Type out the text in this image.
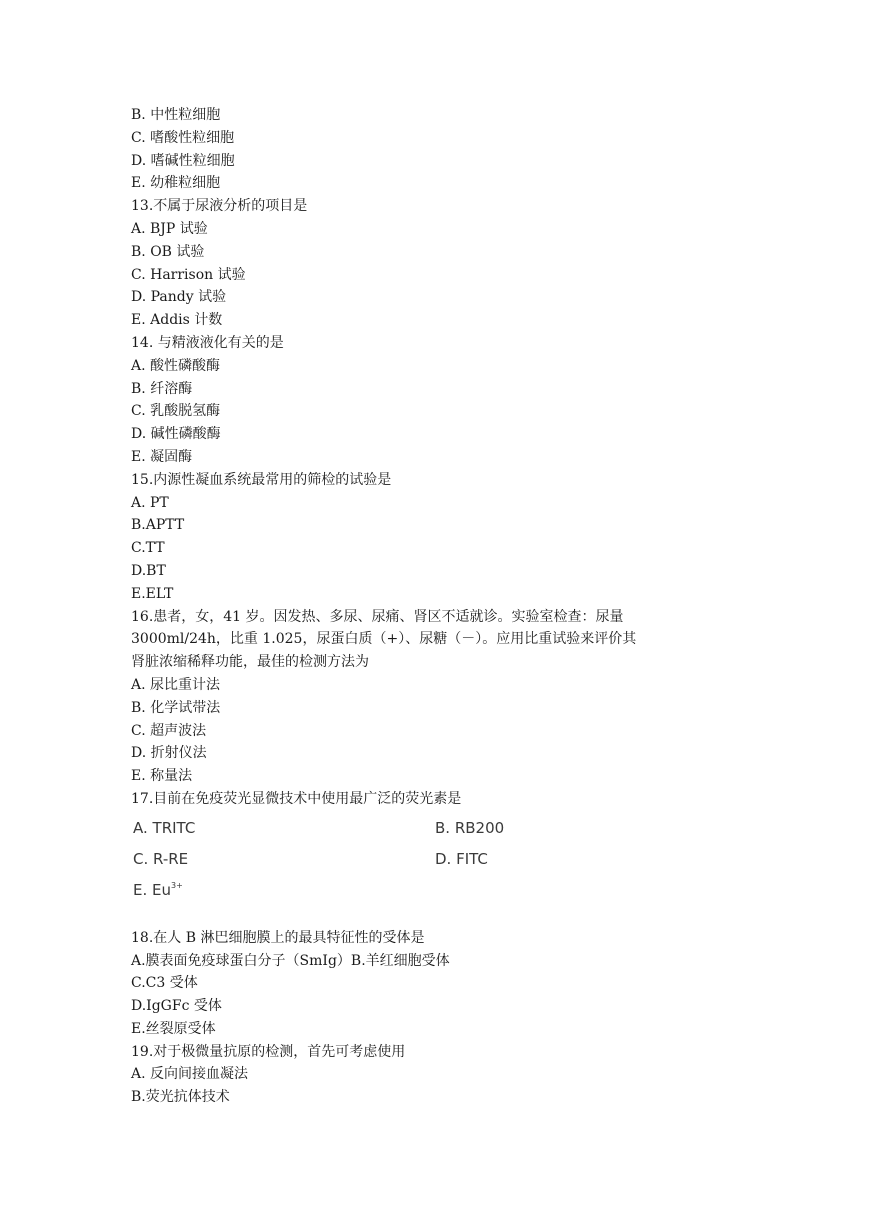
B. 中性粒细胞
C. 嗜酸性粒细胞
D. 嗜碱性粒细胞
E. 幼稚粒细胞
13.不属于尿液分析的项目是
A. BJP 试验
B. OB 试验
C. Harrison 试验
D. Pandy 试验
E. Addis 计数
14. 与精液液化有关的是
A. 酸性磷酸酶
B. 纤溶酶
C. 乳酸脱氢酶
D. 碱性磷酸酶
E. 凝固酶
15.内源性凝血系统最常用的筛检的试验是
A. PT
B.APTT
C.TT
D.BT
E.ELT
16.患者，女，41 岁。因发热、多尿、尿痛、肾区不适就诊。实验室检查：尿量 3000ml/24h，比重 1.025，尿蛋白质（+）、尿糖（－）。应用比重试验来评价其肾脏浓缩稀释功能，最佳的检测方法为
A. 尿比重计法
B. 化学试带法
C. 超声波法
D. 折射仪法
E. 称量法
17.目前在免疫荧光显微技术中使用最广泛的荧光素是
A. TRITC	B. RB200
C. R-RE	D. FITC
E. $Eu^{3+}$
18.在人 B 淋巴细胞膜上的最具特征性的受体是
A.膜表面免疫球蛋白分子（SmIg）B.羊红细胞受体
C.C3 受体
D.IgGFc 受体
E.丝裂原受体
19.对于极微量抗原的检测，首先可考虑使用
A. 反向间接血凝法
B.荧光抗体技术
